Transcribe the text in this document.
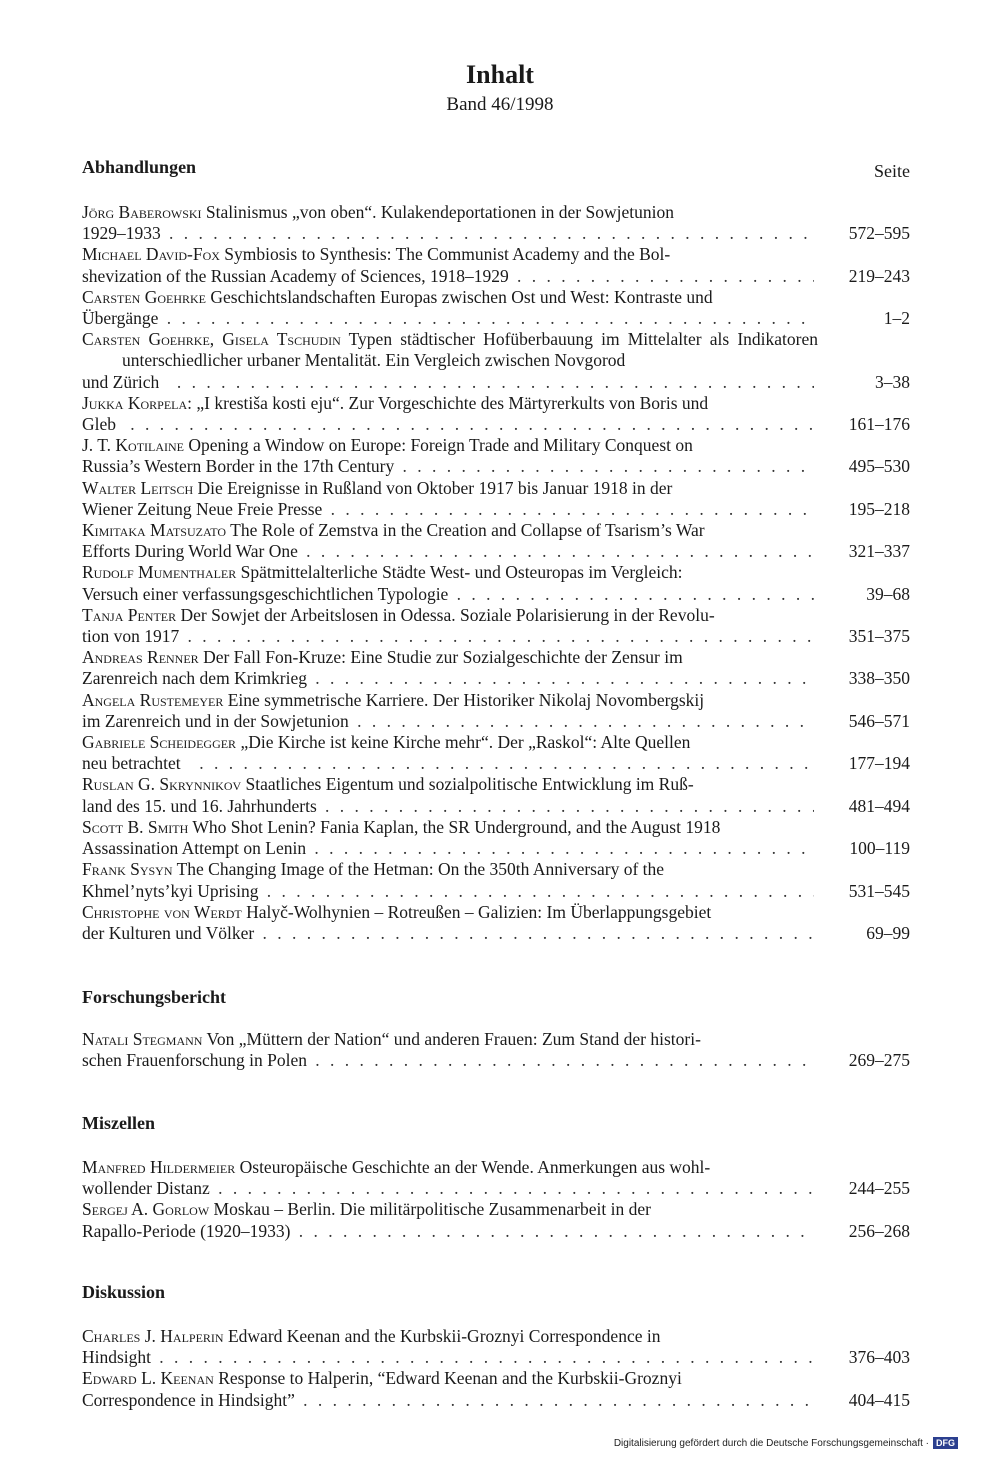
Inhalt
Band 46/1998
Seite
Abhandlungen
Jörg Baberowski Stalinismus „von oben“. Kulakendeportationen in der Sowjetunion
1929–1933 . . .	572–595
Michael David-Fox Symbiosis to Synthesis: The Communist Academy and the Bol-
shevization of the Russian Academy of Sciences, 1918–1929 . . .	219–243
Carsten Goehrke Geschichtslandschaften Europas zwischen Ost und West: Kontraste und
Übergänge . . .	1–2
Carsten Goehrke, Gisela Tschudin Typen städtischer Hofüberbauung im Mittelalter als Indikatoren unterschiedlicher urbaner Mentalität. Ein Vergleich zwischen Novgorod
und Zürich . . .	3–38
Jukka Korpela: „I krestiša kosti eju“. Zur Vorgeschichte des Märtyrerkults von Boris und
Gleb . . .	161–176
J. T. Kotilaine Opening a Window on Europe: Foreign Trade and Military Conquest on
Russia’s Western Border in the 17th Century . . .	495–530
Walter Leitsch Die Ereignisse in Rußland von Oktober 1917 bis Januar 1918 in der
Wiener Zeitung Neue Freie Presse . . .	195–218
Kimitaka Matsuzato The Role of Zemstva in the Creation and Collapse of Tsarism’s War
Efforts During World War One . . .	321–337
Rudolf Mumenthaler Spätmittelalterliche Städte West- und Osteuropas im Vergleich:
Versuch einer verfassungsgeschichtlichen Typologie . . .	39–68
Tanja Penter Der Sowjet der Arbeitslosen in Odessa. Soziale Polarisierung in der Revolu-
tion von 1917 . . .	351–375
Andreas Renner Der Fall Fon-Kruze: Eine Studie zur Sozialgeschichte der Zensur im
Zarenreich nach dem Krimkrieg . . .	338–350
Angela Rustemeyer Eine symmetrische Karriere. Der Historiker Nikolaj Novombergskij
im Zarenreich und in der Sowjetunion . . .	546–571
Gabriele Scheidegger „Die Kirche ist keine Kirche mehr“. Der „Raskol“: Alte Quellen
neu betrachtet . . .	177–194
Ruslan G. Skrynnikov Staatliches Eigentum und sozialpolitische Entwicklung im Ruß-
land des 15. und 16. Jahrhunderts . . .	481–494
Scott B. Smith Who Shot Lenin? Fania Kaplan, the SR Underground, and the August 1918
Assassination Attempt on Lenin . . .	100–119
Frank Sysyn The Changing Image of the Hetman: On the 350th Anniversary of the
Khmel’nyts’kyi Uprising . . .	531–545
Christophe von Werdt Halyč-Wolhynien – Rotreußen – Galizien: Im Überlappungsgebiet
der Kulturen und Völker . . .	69–99
Forschungsbericht
Natali Stegmann Von „Müttern der Nation“ und anderen Frauen: Zum Stand der histori-
schen Frauenforschung in Polen . . .	269–275
Miszellen
Manfred Hildermeier Osteuropäische Geschichte an der Wende. Anmerkungen aus wohl-
wollender Distanz . . .	244–255
Sergej A. Gorlow Moskau – Berlin. Die militärpolitische Zusammenarbeit in der
Rapallo-Periode (1920–1933) . . .	256–268
Diskussion
Charles J. Halperin Edward Keenan and the Kurbskii-Groznyi Correspondence in
Hindsight . . .	376–403
Edward L. Keenan Response to Halperin, “Edward Keenan and the Kurbskii-Groznyi
Correspondence in Hindsight” . . .	404–415
Digitalisierung gefördert durch die Deutsche Forschungsgemeinschaft · DFG
